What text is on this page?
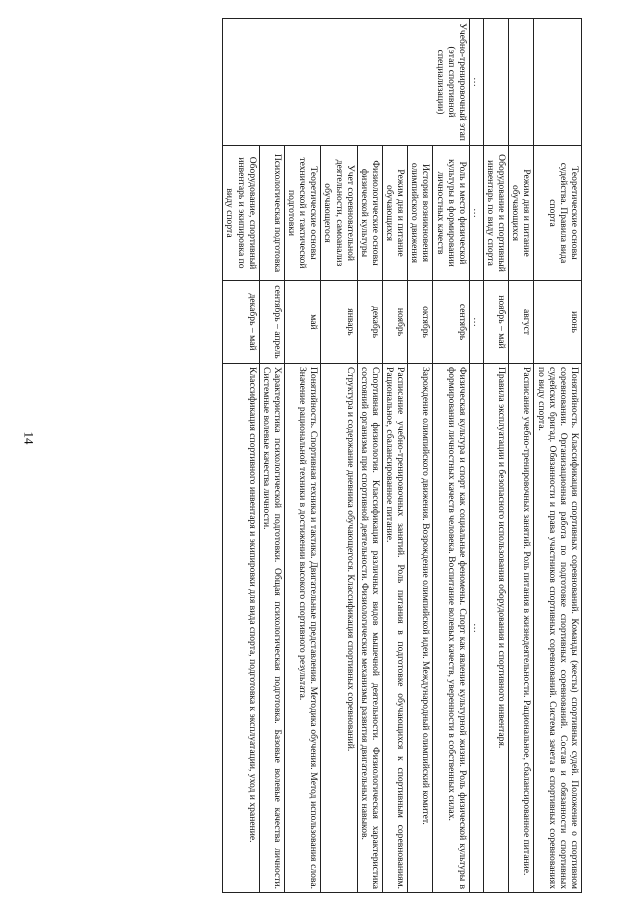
14
	Теоретические основы судейства. Правила вида спорта	июнь	Понятийность. Классификация спортивных соревнований. Команды (жесты) спортивных судей. Положение о спортивном соревновании. Организационная работа по подготовке спортивных соревнований. Состав и обязанности спортивных судейских бригад. Обязанности и права участников спортивных соревнований. Система зачета в спортивных соревнованиях по виду спорта.
	Режим дня и питание обучающихся	август	Расписание учебно-тренировочных занятий. Роль питания в жизнедеятельности. Рациональное, сбалансированное питание.
	Оборудование и спортивный инвентарь по виду спорта	ноябрь – май	Правила эксплуатации и безопасного использования оборудования и спортивного инвентаря.
…	…	…	…
Учебно-тренировочный этап (этап спортивной специализации)	Роль и место физической культуры в формировании личностных качеств	сентябрь	Физическая культура и спорт как социальные феномены. Спорт как явление культурной жизни. Роль физической культуры в формировании личностных качеств человека. Воспитание волевых качеств, уверенности в собственных силах.
	История возникновения олимпийского движения	октябрь	Зарождение олимпийского движения. Возрождение олимпийской идеи. Международный олимпийский комитет.
	Режим дня и питание обучающихся	ноябрь	Расписание учебно-тренировочных занятий. Роль питания в подготовке обучающихся к спортивным соревнованиям. Рациональное, сбалансированное питание.
	Физиологические основы физической культуры	декабрь	Спортивная физиология. Классификация различных видов мышечной деятельности. Физиологическая характеристика состояний организма при спортивной деятельности. Физиологические механизмы развития двигательных навыков.
	Учет соревновательной деятельности, самоанализ обучающегося	январь	Структура и содержание дневника обучающегося. Классификация спортивных соревнований.
	Теоретические основы технической и тактической подготовки	май	Понятийность. Спортивная техника и тактика. Двигательные представления. Методика обучения. Метод использования слова. Значение рациональной техники в достижении высокого спортивного результата.
	Психологическая подготовка	сентябрь – апрель	Характеристика психологической подготовки. Общая психологическая подготовка. Базовые волевые качества личности. Системные волевые качества личности.
	Оборудование, спортивный инвентарь и экипировка по виду спорта	декабрь – май	Классификация спортивного инвентаря и экипировки для вида спорта, подготовка к эксплуатации, уход и хранение.
